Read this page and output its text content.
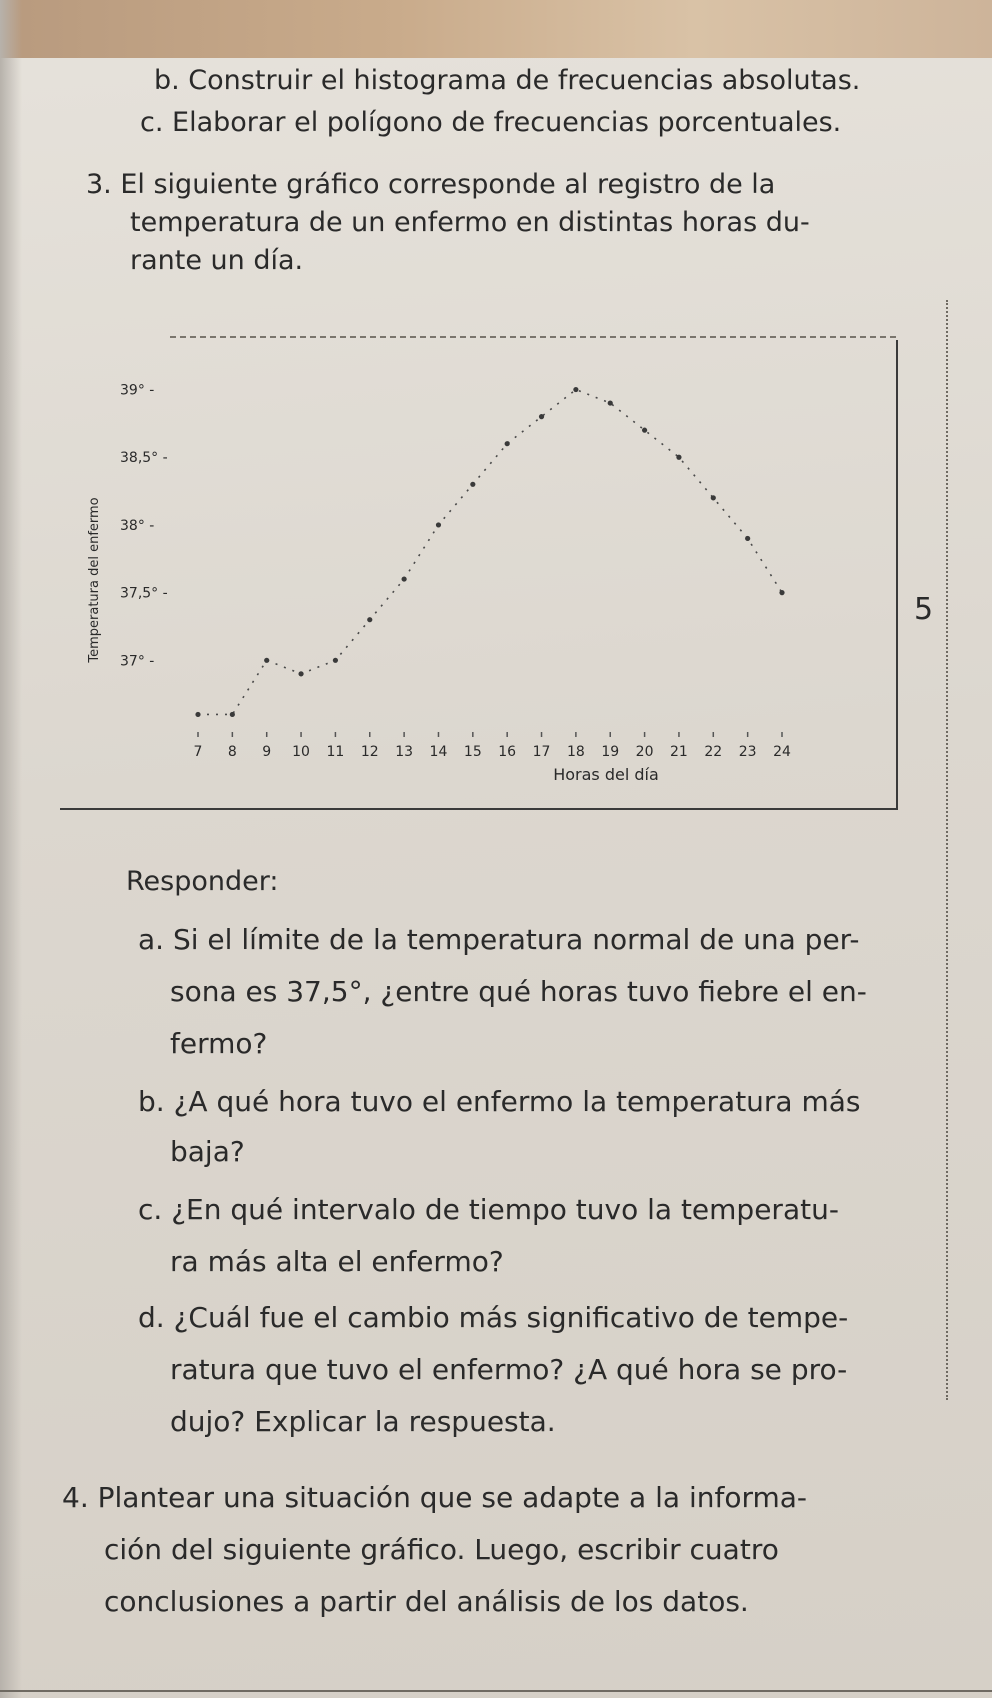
b. Construir el histograma de frecuencias absolutas.
c. Elaborar el polígono de frecuencias porcentuales.
3. El siguiente gráfico corresponde al registro de la
temperatura de un enfermo en distintas horas du-
rante un día.
Temperatura del enfermo
Horas del día
39° -
38,5° -
38° -
37,5° -
37° -
7 8 9 10 11 12 13 14 15 16 17 18 19 20 21 22 23 24
5
Responder:
a. Si el límite de la temperatura normal de una per-
sona es 37,5°, ¿entre qué horas tuvo fiebre el en-
fermo?
b. ¿A qué hora tuvo el enfermo la temperatura más
baja?
c. ¿En qué intervalo de tiempo tuvo la temperatu-
ra más alta el enfermo?
d. ¿Cuál fue el cambio más significativo de tempe-
ratura que tuvo el enfermo? ¿A qué hora se pro-
dujo? Explicar la respuesta.
4. Plantear una situación que se adapte a la informa-
ción del siguiente gráfico. Luego, escribir cuatro
conclusiones a partir del análisis de los datos.
